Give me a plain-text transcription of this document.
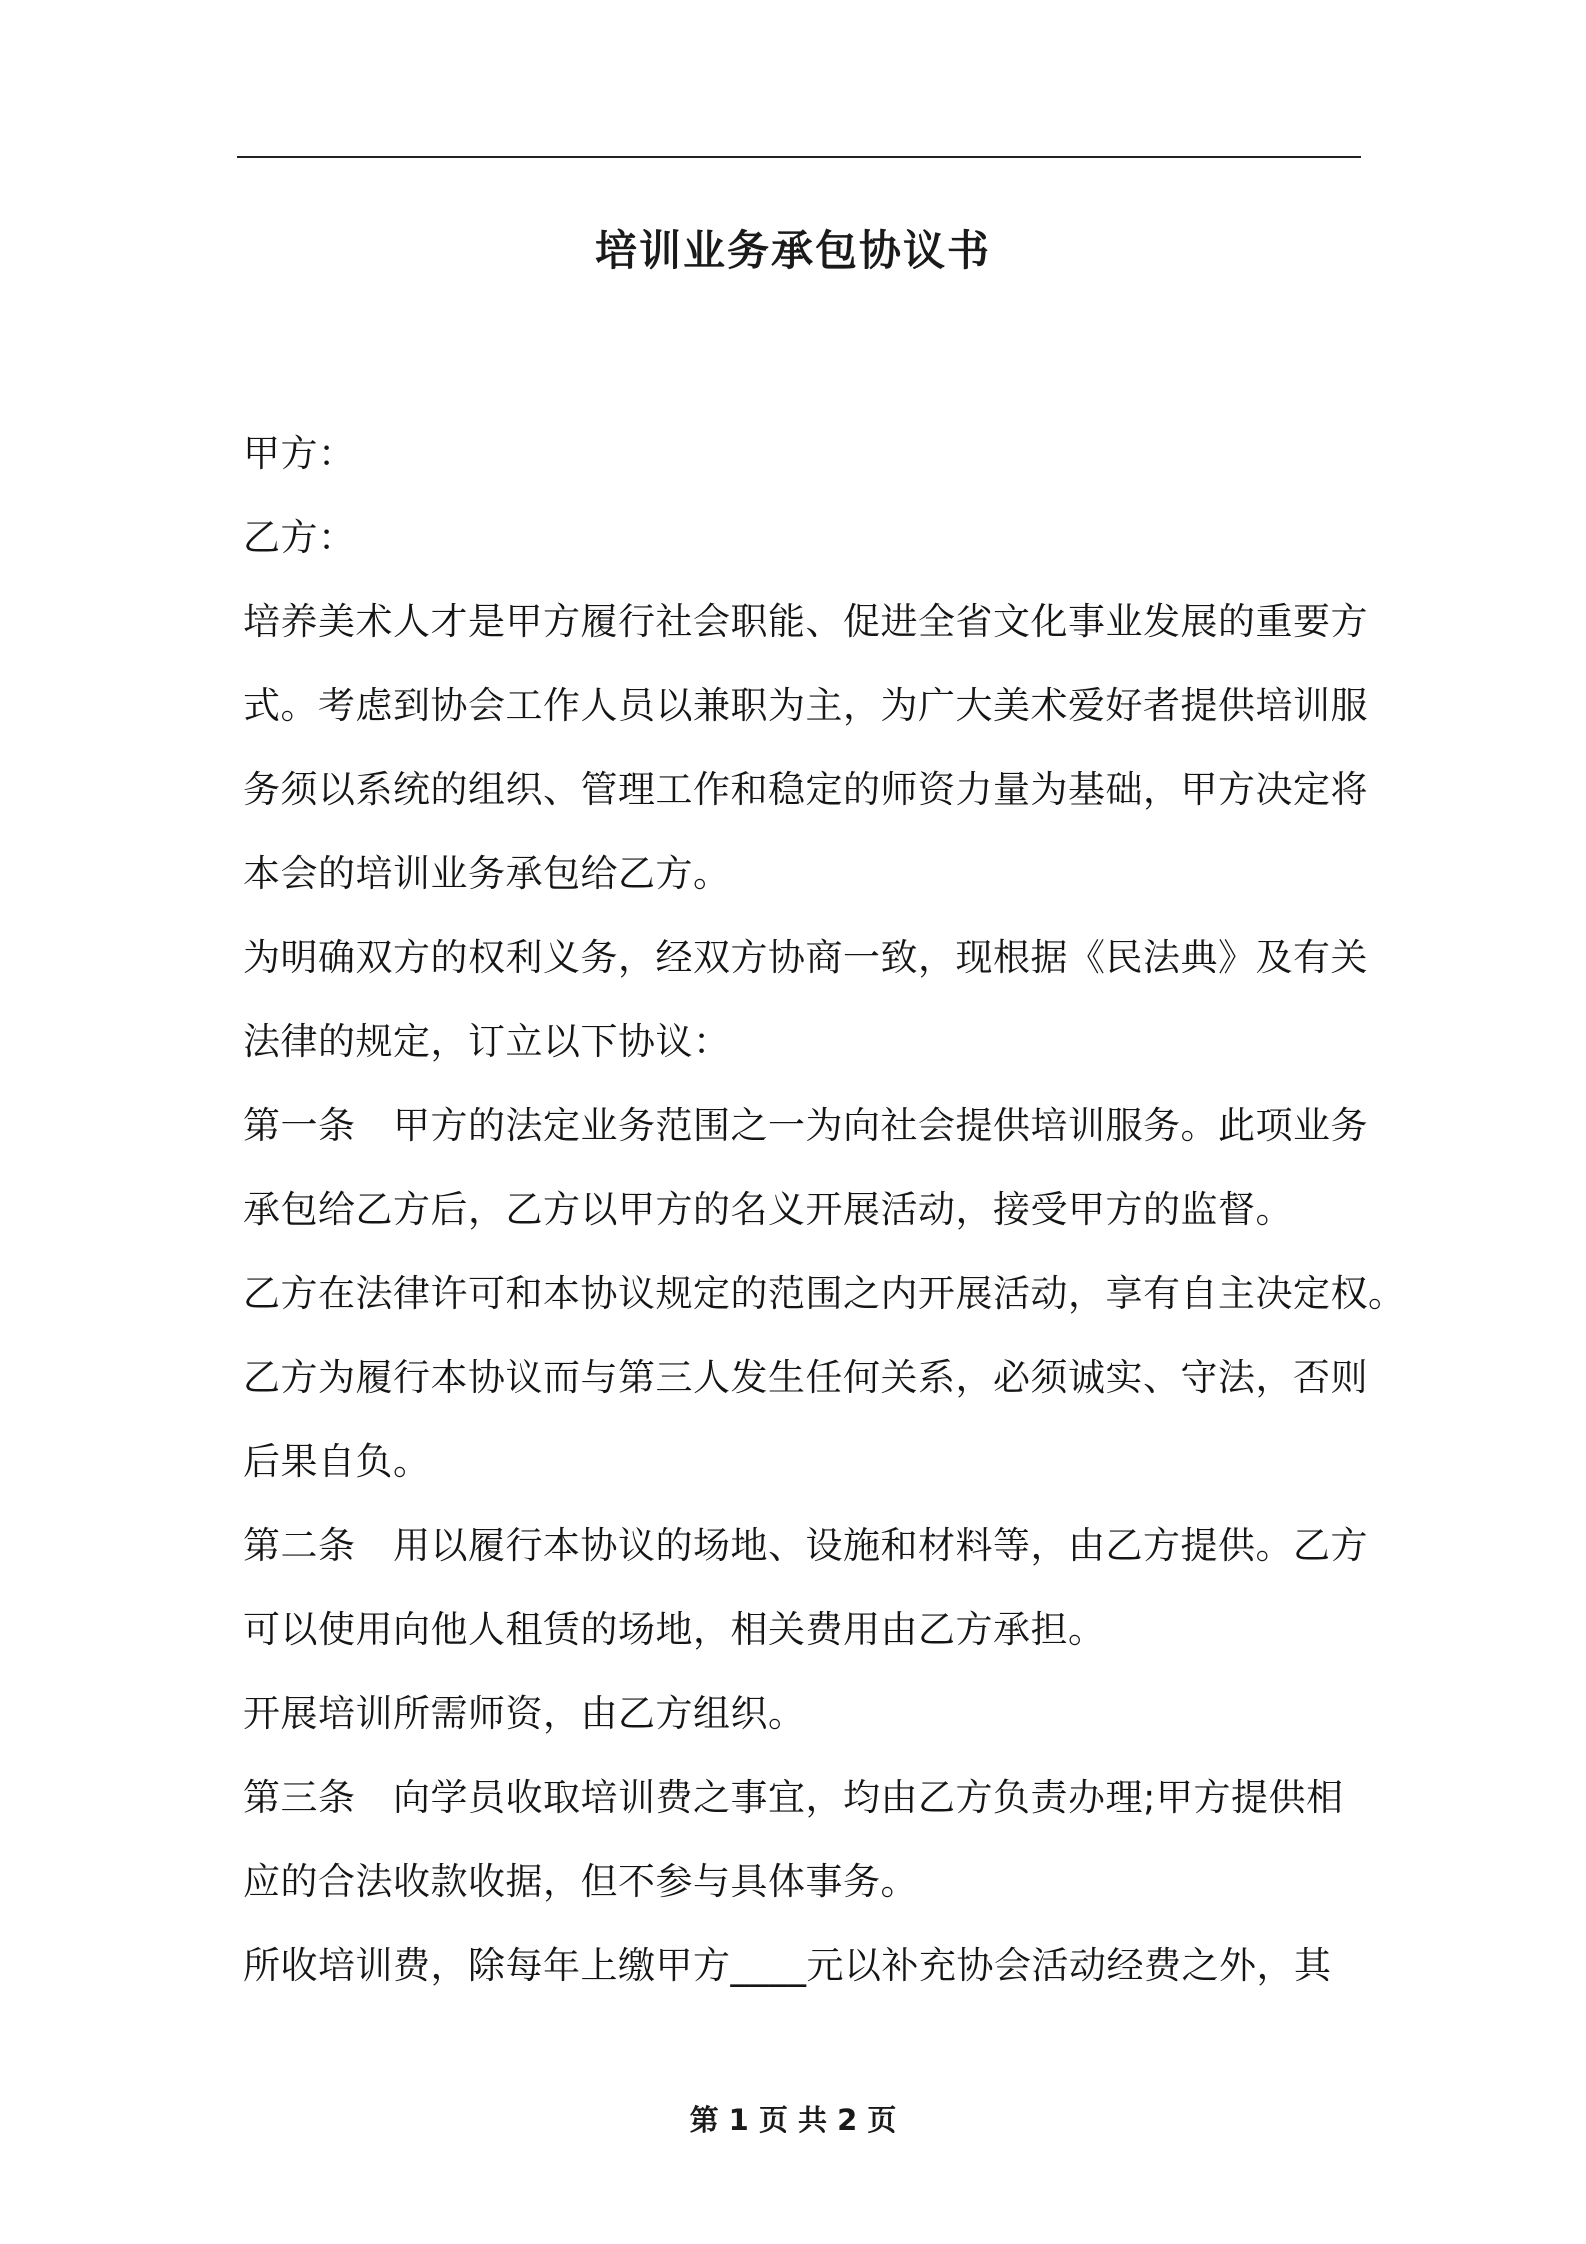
培训业务承包协议书
甲方：
乙方：
培养美术人才是甲方履行社会职能、促进全省文化事业发展的重要方
式。考虑到协会工作人员以兼职为主，为广大美术爱好者提供培训服
务须以系统的组织、管理工作和稳定的师资力量为基础，甲方决定将
本会的培训业务承包给乙方。
为明确双方的权利义务，经双方协商一致，现根据《民法典》及有关
法律的规定，订立以下协议：
第一条　甲方的法定业务范围之一为向社会提供培训服务。此项业务
承包给乙方后，乙方以甲方的名义开展活动，接受甲方的监督。
乙方在法律许可和本协议规定的范围之内开展活动，享有自主决定权。
乙方为履行本协议而与第三人发生任何关系，必须诚实、守法，否则
后果自负。
第二条　用以履行本协议的场地、设施和材料等，由乙方提供。乙方
可以使用向他人租赁的场地，相关费用由乙方承担。
开展培训所需师资，由乙方组织。
第三条　向学员收取培训费之事宜，均由乙方负责办理;甲方提供相
应的合法收款收据，但不参与具体事务。
所收培训费，除每年上缴甲方____元以补充协会活动经费之外，其
第 1 页 共 2 页
